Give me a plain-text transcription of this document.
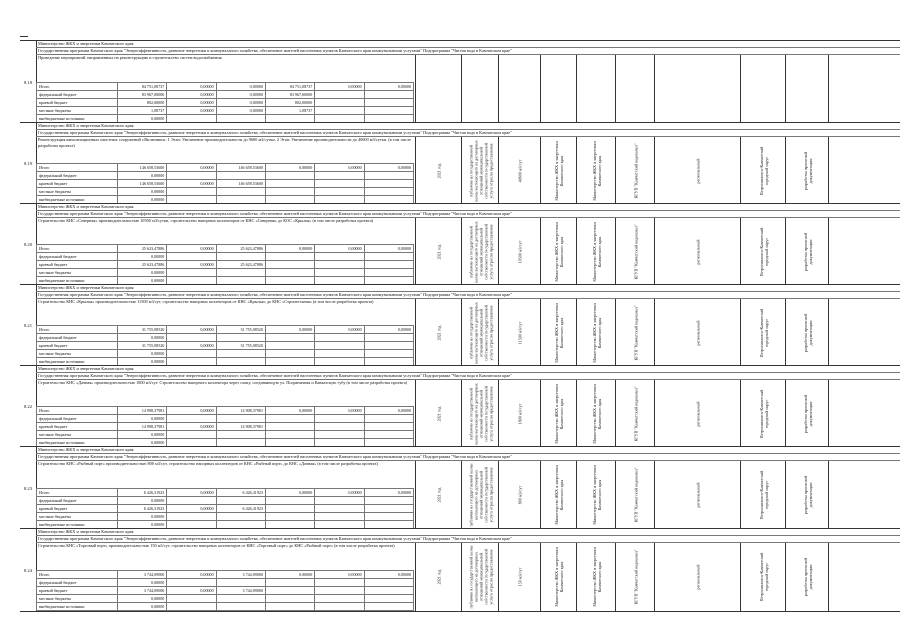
8.18
Министерство ЖКХ и энергетики Камчатского края
Государственная программа Камчатского края "Энергоэффективность, развитие энергетики и коммунального хозяйства, обеспечение жителей населенных пунктов Камчатского края коммунальными услугами" Подпрограмма "Чистая вода в Камчатском крае"
Проведение мероприятий, направленных на реконструкцию и строительство систем водоснабжения
Итого	84 751,08737	0,00000	0,00000	84 751,08737	0,00000	0,00000
федеральный бюджет	83 967,00000	0,00000	0,00000	83 967,00000		
краевой бюджет	802,00000	0,00000	0,00000	802,00000		
местные бюджеты	1,08737	0,00000	0,00000	1,08737		
внебюджетные источники	0,00000					
8.19
Министерство ЖКХ и энергетики Камчатского края
Государственная программа Камчатского края "Энергоэффективность, развитие энергетики и коммунального хозяйства, обеспечение жителей населенных пунктов Камчатского края коммунальными услугами" Подпрограмма "Чистая вода в Камчатском крае"
Реконструкция канализационных очистных сооружений г.Вилючинск: 1 Этап: Увеличение производительности до 9600 м3/сутки. 2 Этап: Увеличение производительности до 40600 м3/сутки. (в том числе разработка проекта)
Итого	146 658,53600	0,00000	146 658,53600	0,00000	0,00000	0,00000
федеральный бюджет	0,00000					
краевой бюджет	146 658,53600	0,00000	146 658,53600			
местные бюджеты	0,00000					
внебюджетные источники	0,00000					
2021 год	публично из государственной казны вытекающего из договорных отношений муниципальной собственности государственной услуга отрасли предоставления	40600 м3/сут	Министерство ЖКХ и энергетики Камчатского края	Министерство ЖКХ и энергетики Камчатского края	КГУП "Камчатский водоканал"	региональный	Петропавловск-Камчатский городской округ	разработка проектной документации
8.20
Министерство ЖКХ и энергетики Камчатского края
Государственная программа Камчатского края "Энергоэффективность, развитие энергетики и коммунального хозяйства, обеспечение жителей населенных пунктов Камчатского края коммунальными услугами" Подпрограмма "Чистая вода в Камчатском крае"
Строительство КНС «Северная» производительностью 10500 м3/сутки, строительство напорных коллекторов от КНС «Северная» до КОС «Крылья» (в том числе разработка проекта)
Итого	25 623,47886	0,00000	25 623,47886	0,00000	0,00000	0,00000
федеральный бюджет	0,00000					
краевой бюджет	25 623,47886	0,00000	25 623,47886			
местные бюджеты	0,00000					
внебюджетные источники	0,00000					
2021 год	публично из государственной казны вытекающего из договорных отношений муниципальной собственности государственной услуга отрасли предоставления	10500 м3/сут	Министерство ЖКХ и энергетики Камчатского края	Министерство ЖКХ и энергетики Камчатского края	КГУП "Камчатский водоканал"	региональный	Петропавловск-Камчатский городской округ	разработка проектной документации
8.21
Министерство ЖКХ и энергетики Камчатского края
Государственная программа Камчатского края "Энергоэффективность, развитие энергетики и коммунального хозяйства, обеспечение жителей населенных пунктов Камчатского края коммунальными услугами" Подпрограмма "Чистая вода в Камчатском крае"
Строительство КНС «Крылья» производительностью 11500 м3/сут, строительство напорных коллекторов от КНС «Крылья» до КНС «Строительная» (в том числе разработка проекта)
Итого	31 755,08520	0,00000	31 755,08520	0,00000	0,00000	0,00000
федеральный бюджет	0,00000					
краевой бюджет	31 755,08520	0,00000	31 755,08520			
местные бюджеты	0,00000					
внебюджетные источники	0,00000					
2021 год	публично из государственной казны вытекающего из договорных отношений муниципальной собственности государственной услуга отрасли предоставления	11500 м3/сут	Министерство ЖКХ и энергетики Камчатского края	Министерство ЖКХ и энергетики Камчатского края	КГУП "Камчатский водоканал"	региональный	Петропавловск-Камчатский городской округ	разработка проектной документации
8.22
Министерство ЖКХ и энергетики Камчатского края
Государственная программа Камчатского края "Энергоэффективность, развитие энергетики и коммунального хозяйства, обеспечение жителей населенных пунктов Камчатского края коммунальными услугами" Подпрограмма "Чистая вода в Камчатском крае"
Строительство КНС «Дачная» производительностью 1800 м3/сут. Строительство напорного коллектора через сопку, соединяющую ул. Пограничная и Кавказскую губу (в том числе разработка проекта)
Итого	14 908,37981	0,00000	14 908,37981	0,00000	0,00000	0,00000
федеральный бюджет	0,00000					
краевой бюджет	14 908,37981	0,00000	14 908,37981			
местные бюджеты	0,00000					
внебюджетные источники	0,00000					
2021 год	публично из государственной казны вытекающего из договорных отношений муниципальной собственности государственной услуга отрасли предоставления	1800 м3/сут	Министерство ЖКХ и энергетики Камчатского края	Министерство ЖКХ и энергетики Камчатского края	КГУП "Камчатский водоканал"	региональный	Петропавловск-Камчатский городской округ	разработка проектной документации
8.23
Министерство ЖКХ и энергетики Камчатского края
Государственная программа Камчатского края "Энергоэффективность, развитие энергетики и коммунального хозяйства, обеспечение жителей населенных пунктов Камчатского края коммунальными услугами" Подпрограмма "Чистая вода в Камчатском крае"
Строительство КНС «Рыбный порт» производительностью 800 м3/сут, строительство напорных коллекторов от КНС «Рыбный порт» до КНС «Дачная» (в том числе разработка проекта)
Итого	6 426,31923	0,00000	6 426,31923	0,00000	0,00000	0,00000
федеральный бюджет	0,00000					
краевой бюджет	6 426,31923	0,00000	6 426,31923			
местные бюджеты	0,00000					
внебюджетные источники	0,00000					
2021 год	публично из государственной казны вытекающего из договорных отношений муниципальной собственности государственной услуга отрасли предоставления	800 м3/сут	Министерство ЖКХ и энергетики Камчатского края	Министерство ЖКХ и энергетики Камчатского края	КГУП "Камчатский водоканал"	региональный	Петропавловск-Камчатский городской округ	разработка проектной документации
8.24
Министерство ЖКХ и энергетики Камчатского края
Государственная программа Камчатского края "Энергоэффективность, развитие энергетики и коммунального хозяйства, обеспечение жителей населенных пунктов Камчатского края коммунальными услугами" Подпрограмма "Чистая вода в Камчатском крае"
Строительство КНС «Торговый порт» производительностью 150 м3/сут, строительство напорных коллекторов от КНС «Торговый порт» до КНС «Рыбный порт» (в том числе разработка проекта)
Итого	3 744,09000	0,00000	3 744,09000	0,00000	0,00000	0,00000
федеральный бюджет	0,00000					
краевой бюджет	3 744,09000	0,00000	3 744,09000			
местные бюджеты	0,00000					
внебюджетные источники	0,00000					
2021 год	публично из государственной казны вытекающего из договорных отношений муниципальной собственности государственной услуга отрасли предоставления	150 м3/сут	Министерство ЖКХ и энергетики Камчатского края	Министерство ЖКХ и энергетики Камчатского края	КГУП "Камчатский водоканал"	региональный	Петропавловск-Камчатский городской округ	разработка проектной документации
